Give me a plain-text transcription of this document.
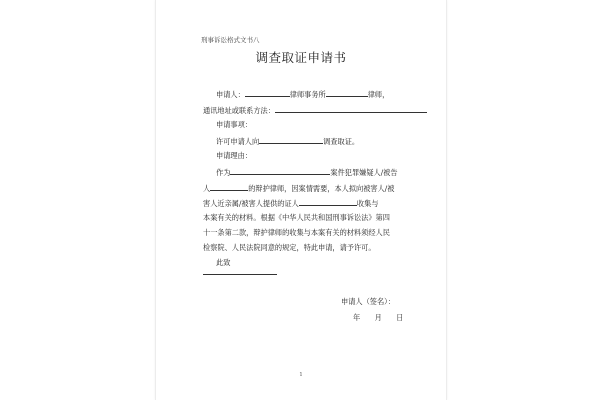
刑事诉讼格式文书八
调查取证申请书
申请人：	律师事务所	律师，
通讯地址或联系方法：
申请事项：
许可申请人向	调查取证。
申请理由：
作为	案件犯罪嫌疑人/被告
人	的辩护律师，因案情需要，本人拟向被害人/被
害人近亲属/被害人提供的证人	收集与
本案有关的材料。根据《中华人民共和国刑事诉讼法》第四
十一条第二款，辩护律师的收集与本案有关的材料须经人民
检察院、人民法院同意的规定，特此申请，请予许可。
此致
申请人（签名）：
年　　月　　日
1
